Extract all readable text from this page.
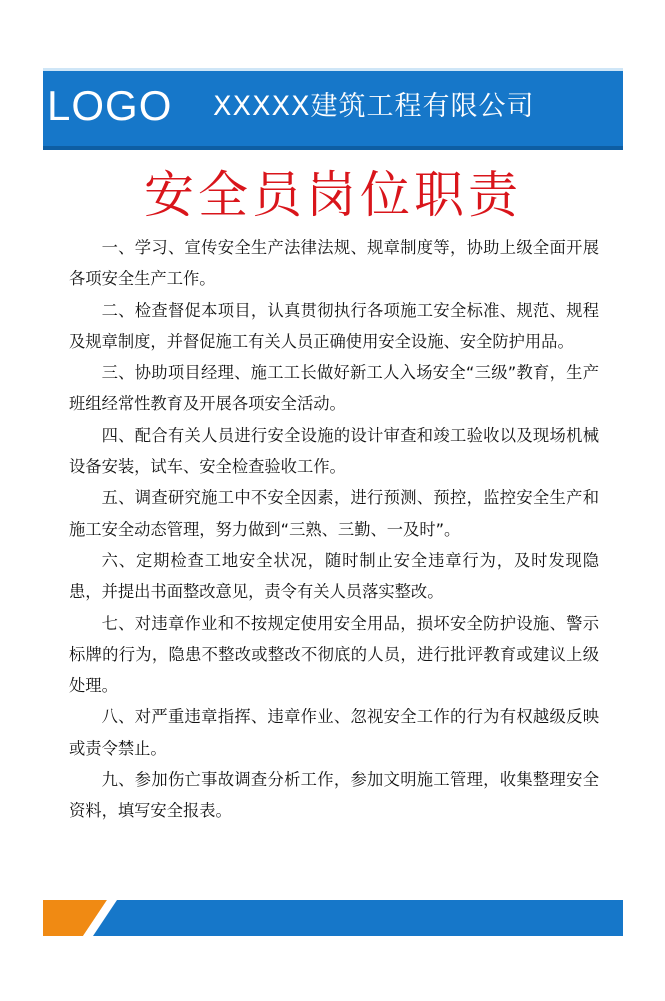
LOGO XXXXX建筑工程有限公司
安全员岗位职责

一、学习、宣传安全生产法律法规、规章制度等，协助上级全面开展各项安全生产工作。

二、检查督促本项目，认真贯彻执行各项施工安全标准、规范、规程及规章制度，并督促施工有关人员正确使用安全设施、安全防护用品。

三、协助项目经理、施工工长做好新工人入场安全“三级”教育，生产班组经常性教育及开展各项安全活动。

四、配合有关人员进行安全设施的设计审查和竣工验收以及现场机械设备安装，试车、安全检查验收工作。

五、调查研究施工中不安全因素，进行预测、预控，监控安全生产和施工安全动态管理，努力做到“三熟、三勤、一及时”。

六、定期检查工地安全状况，随时制止安全违章行为，及时发现隐患，并提出书面整改意见，责令有关人员落实整改。

七、对违章作业和不按规定使用安全用品，损坏安全防护设施、警示标牌的行为，隐患不整改或整改不彻底的人员，进行批评教育或建议上级处理。

八、对严重违章指挥、违章作业、忽视安全工作的行为有权越级反映或责令禁止。

九、参加伤亡事故调查分析工作，参加文明施工管理，收集整理安全资料，填写安全报表。
